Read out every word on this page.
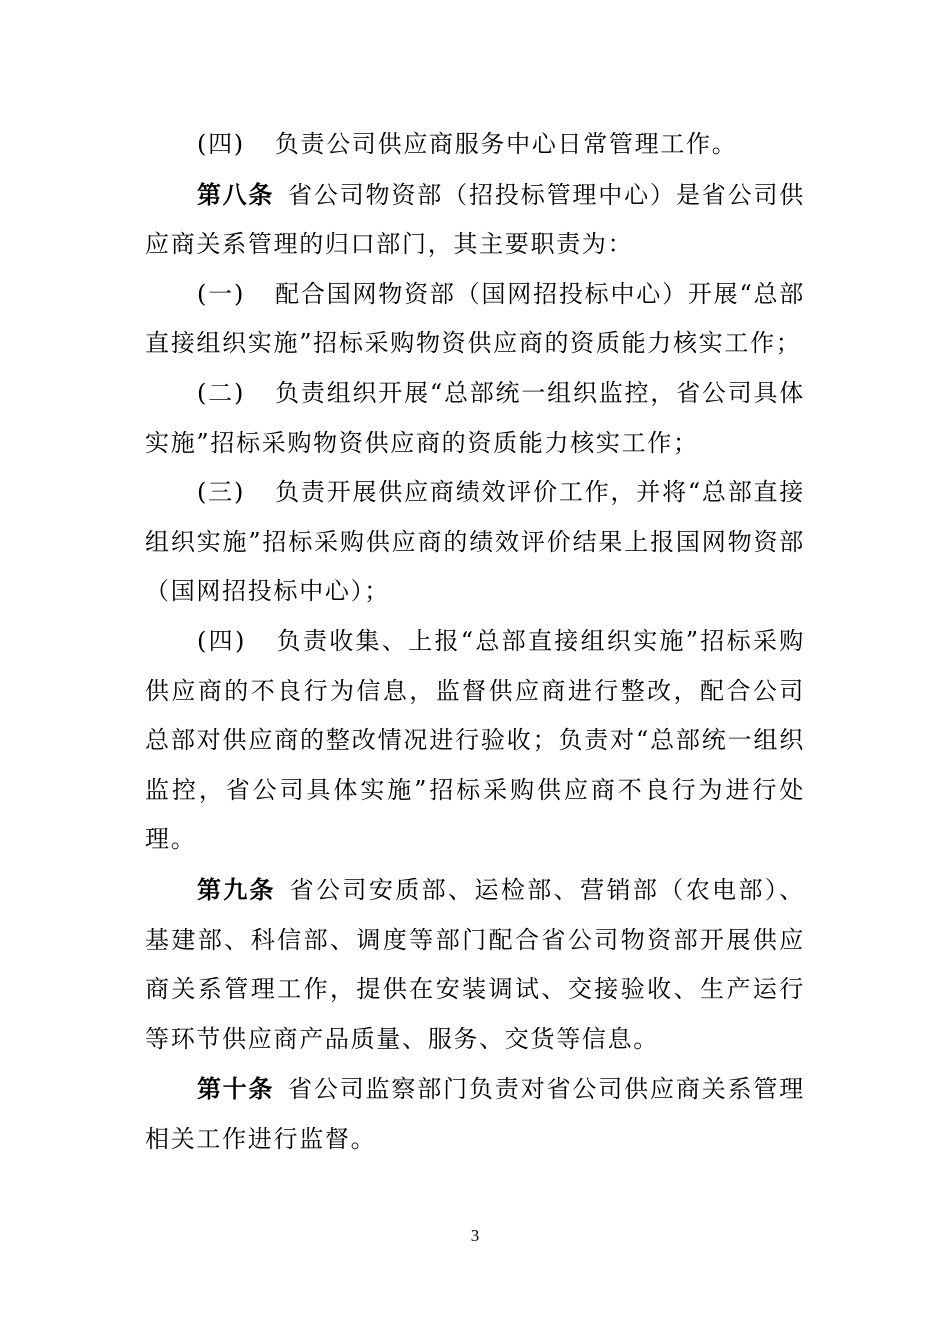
(四) 负责公司供应商服务中心日常管理工作。

第八条 省公司物资部（招投标管理中心）是省公司供应商关系管理的归口部门，其主要职责为：

(一) 配合国网物资部（国网招投标中心）开展“总部直接组织实施”招标采购物资供应商的资质能力核实工作；

(二) 负责组织开展“总部统一组织监控，省公司具体实施”招标采购物资供应商的资质能力核实工作；

(三) 负责开展供应商绩效评价工作，并将“总部直接组织实施”招标采购供应商的绩效评价结果上报国网物资部（国网招投标中心）；

(四) 负责收集、上报“总部直接组织实施”招标采购供应商的不良行为信息，监督供应商进行整改，配合公司总部对供应商的整改情况进行验收；负责对“总部统一组织监控，省公司具体实施”招标采购供应商不良行为进行处理。

第九条 省公司安质部、运检部、营销部（农电部）、基建部、科信部、调度等部门配合省公司物资部开展供应商关系管理工作，提供在安装调试、交接验收、生产运行等环节供应商产品质量、服务、交货等信息。

第十条 省公司监察部门负责对省公司供应商关系管理相关工作进行监督。

3
